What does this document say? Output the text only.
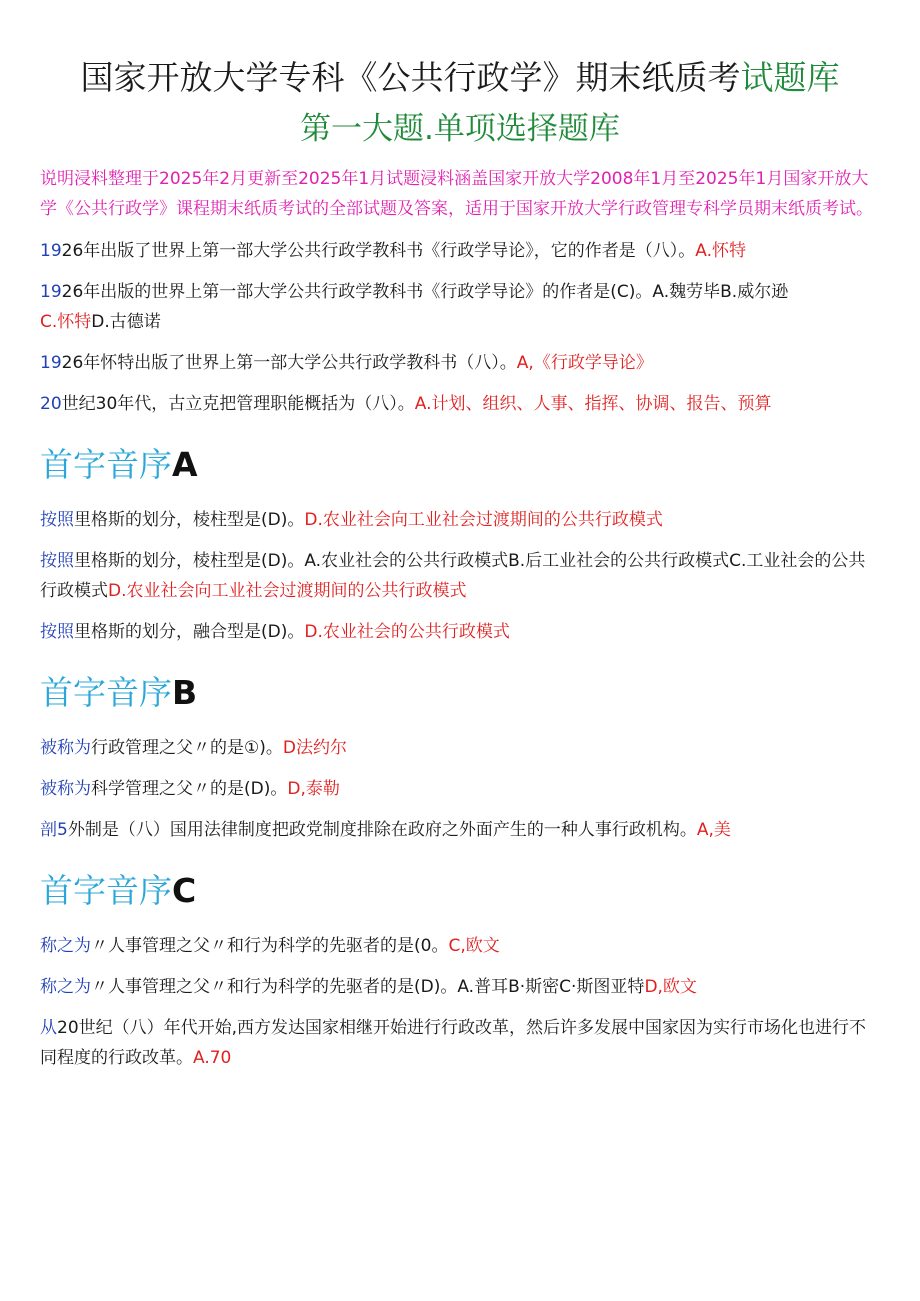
国家开放大学专科《公共行政学》期末纸质考试题库
第一大题.单项选择题库

说明浸料整理于2025年2月更新至2025年1月试题浸料涵盖国家开放大学2008年1月至2025年1月国家开放大学《公共行政学》课程期末纸质考试的全部试题及答案，适用于国家开放大学行政管理专科学员期末纸质考试。

1926年出版了世界上第一部大学公共行政学教科书《行政学导论》，它的作者是（八）。A.怀特

1926年出版的世界上第一部大学公共行政学教科书《行政学导论》的作者是(C)。A.魏劳毕B.威尔逊
C.怀特D.古德诺

1926年怀特出版了世界上第一部大学公共行政学教科书（八）。A,《行政学导论》

20世纪30年代，古立克把管理职能概括为（八）。A.计划、组织、人事、指挥、协调、报告、预算

首字音序A

按照里格斯的划分，棱柱型是(D)。D.农业社会向工业社会过渡期间的公共行政模式

按照里格斯的划分，棱柱型是(D)。A.农业社会的公共行政模式B.后工业社会的公共行政模式C.工业社会的公共行政模式D.农业社会向工业社会过渡期间的公共行政模式

按照里格斯的划分，融合型是(D)。D.农业社会的公共行政模式

首字音序B

被称为行政管理之父〃的是①)。D法约尔

被称为科学管理之父〃的是(D)。D,泰勒

剖5外制是（八）国用法律制度把政党制度排除在政府之外面产生的一种人事行政机构。A,美

首字音序C

称之为〃人事管理之父〃和行为科学的先驱者的是(0。C,欧文

称之为〃人事管理之父〃和行为科学的先驱者的是(D)。A.普耳B·斯密C·斯图亚特D,欧文

从20世纪（八）年代开始,西方发达国家相继开始进行行政改革，然后许多发展中国家因为实行市场化也进行不同程度的行政改革。A.70
